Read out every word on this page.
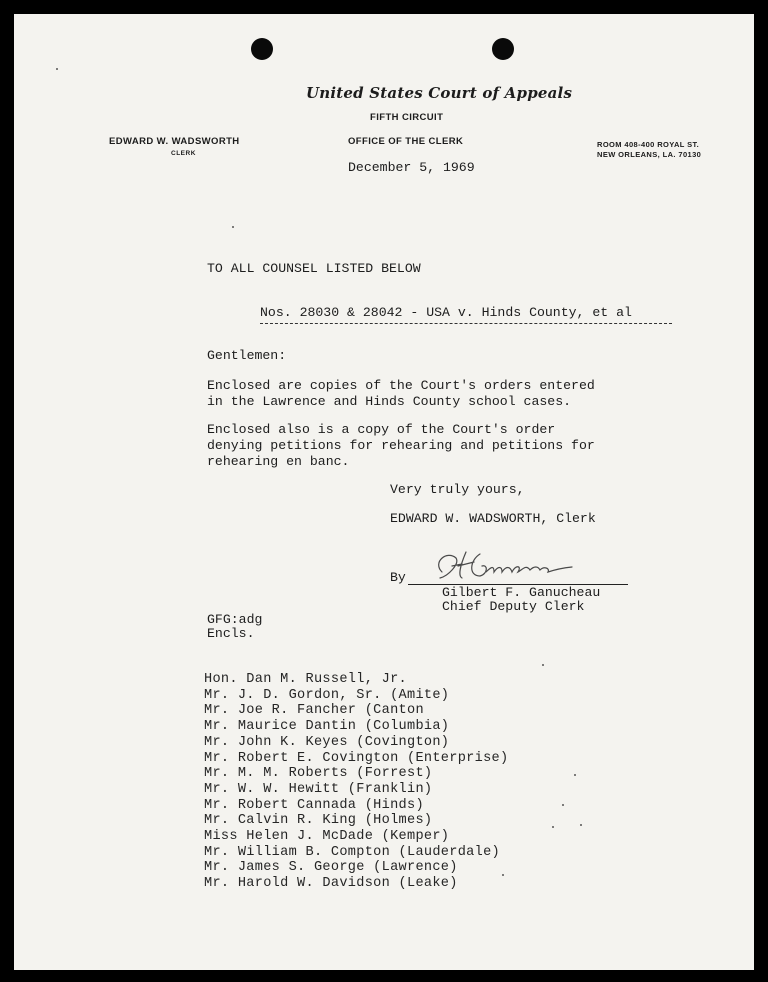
United States Court of Appeals
FIFTH CIRCUIT
EDWARD W. WADSWORTH
CLERK
OFFICE OF THE CLERK	ROOM 408-400 ROYAL ST.
NEW ORLEANS, LA. 70130
December 5, 1969
TO ALL COUNSEL LISTED BELOW
Nos. 28030 & 28042 - USA v. Hinds County, et al
Gentlemen:
Enclosed are copies of the Court's orders entered
in the Lawrence and Hinds County school cases.
Enclosed also is a copy of the Court's order
denying petitions for rehearing and petitions for
rehearing en banc.
Very truly yours,
EDWARD W. WADSWORTH, Clerk
By
Gilbert F. Ganucheau
Chief Deputy Clerk
GFG:adg
Encls.
Hon. Dan M. Russell, Jr.
Mr. J. D. Gordon, Sr. (Amite)
Mr. Joe R. Fancher (Canton
Mr. Maurice Dantin (Columbia)
Mr. John K. Keyes (Covington)
Mr. Robert E. Covington (Enterprise)
Mr. M. M. Roberts (Forrest)
Mr. W. W. Hewitt (Franklin)
Mr. Robert Cannada (Hinds)
Mr. Calvin R. King (Holmes)
Miss Helen J. McDade (Kemper)
Mr. William B. Compton (Lauderdale)
Mr. James S. George (Lawrence)
Mr. Harold W. Davidson (Leake)
